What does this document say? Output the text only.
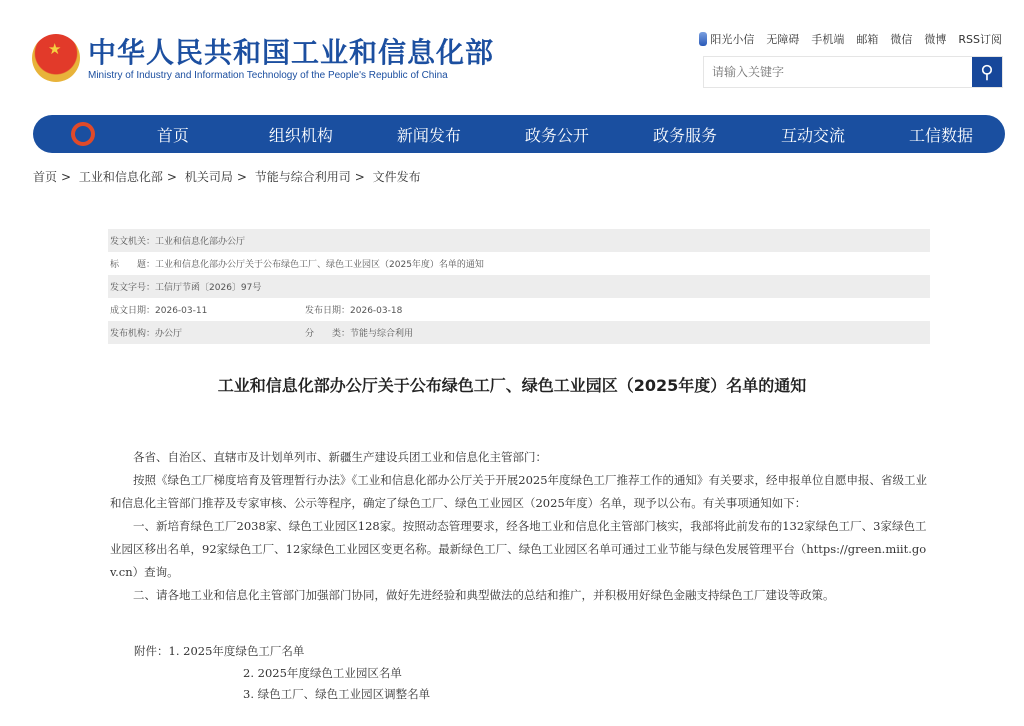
★
中华人民共和国工业和信息化部
Ministry of Industry and Information Technology of the People's Republic of China
阳光小信 无障碍 手机端 邮箱 微信 微博 RSS订阅
请输入关键字
⚲
首页	组织机构	新闻发布	政务公开	政务服务	互动交流	工信数据
首页 > 工业和信息化部 > 机关司局 > 节能与综合利用司 > 文件发布
发文机关： 工业和信息化部办公厅
标　　题： 工业和信息化部办公厅关于公布绿色工厂、绿色工业园区（2025年度）名单的通知
发文字号： 工信厅节函〔2026〕97号
成文日期：2026-03-11	发布日期：2026-03-18
发布机构：办公厅	分　　类：节能与综合利用
工业和信息化部办公厅关于公布绿色工厂、绿色工业园区（2025年度）名单的通知

各省、自治区、直辖市及计划单列市、新疆生产建设兵团工业和信息化主管部门：

按照《绿色工厂梯度培育及管理暂行办法》《工业和信息化部办公厅关于开展2025年度绿色工厂推荐工作的通知》有关要求，经申报单位自愿申报、省级工业和信息化主管部门推荐及专家审核、公示等程序，确定了绿色工厂、绿色工业园区（2025年度）名单，现予以公布。有关事项通知如下：

一、新培育绿色工厂2038家、绿色工业园区128家。按照动态管理要求，经各地工业和信息化主管部门核实，我部将此前发布的132家绿色工厂、3家绿色工业园区移出名单，92家绿色工厂、12家绿色工业园区变更名称。最新绿色工厂、绿色工业园区名单可通过工业节能与绿色发展管理平台（https://green.miit.gov.cn）查询。

二、请各地工业和信息化主管部门加强部门协同，做好先进经验和典型做法的总结和推广，并积极用好绿色金融支持绿色工厂建设等政策。

附件：1. 2025年度绿色工厂名单
2. 2025年度绿色工业园区名单
3. 绿色工厂、绿色工业园区调整名单
